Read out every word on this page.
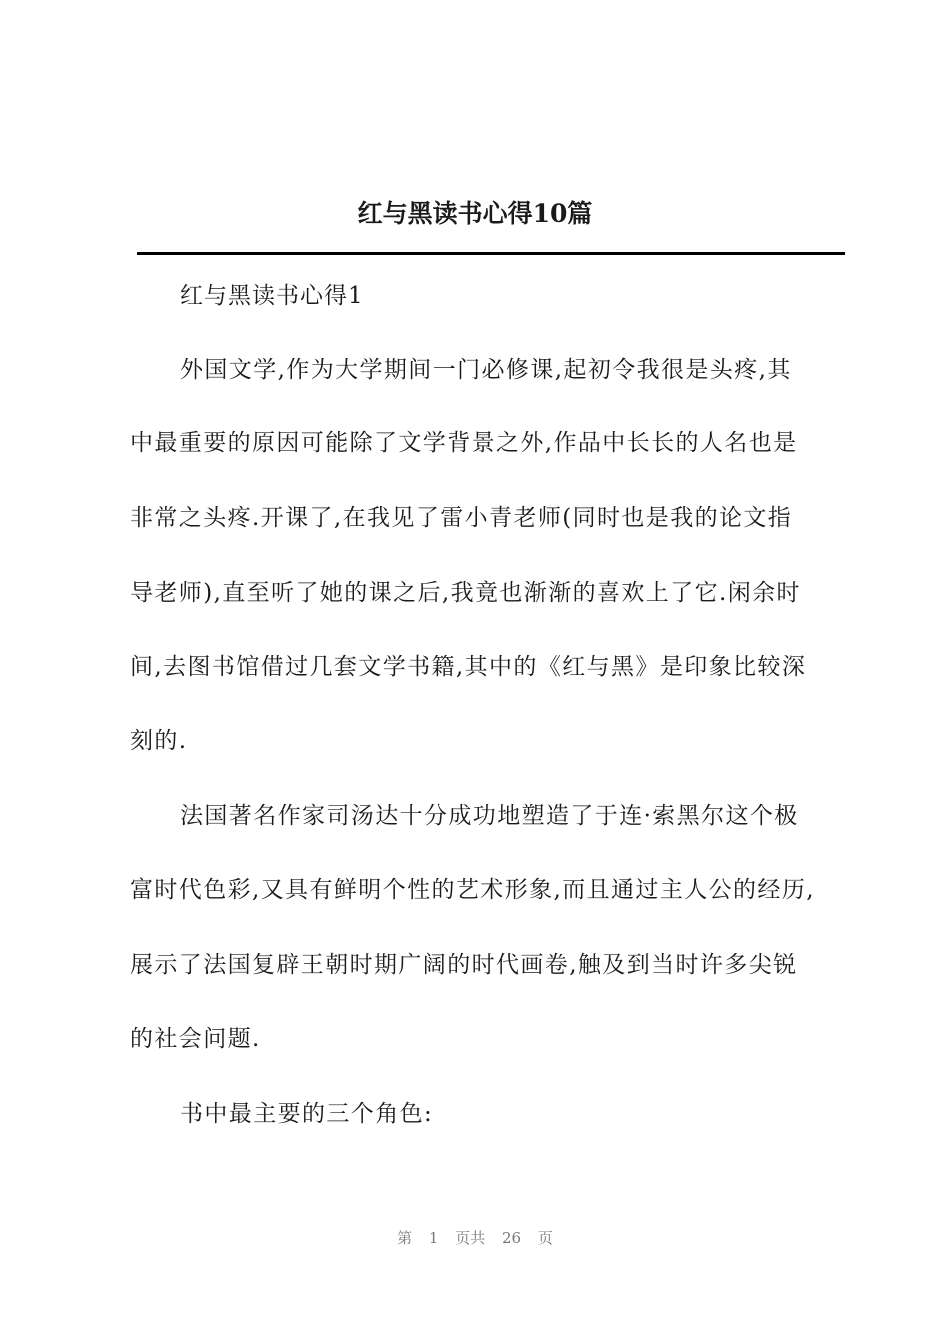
红与黑读书心得10篇
红与黑读书心得1
外国文学,作为大学期间一门必修课,起初令我很是头疼,其
中最重要的原因可能除了文学背景之外,作品中长长的人名也是
非常之头疼.开课了,在我见了雷小青老师(同时也是我的论文指
导老师),直至听了她的课之后,我竟也渐渐的喜欢上了它.闲余时
间,去图书馆借过几套文学书籍,其中的《红与黑》是印象比较深
刻的.
法国著名作家司汤达十分成功地塑造了于连·索黑尔这个极
富时代色彩,又具有鲜明个性的艺术形象,而且通过主人公的经历,
展示了法国复辟王朝时期广阔的时代画卷,触及到当时许多尖锐
的社会问题.
书中最主要的三个角色:
第 1 页共 26 页
